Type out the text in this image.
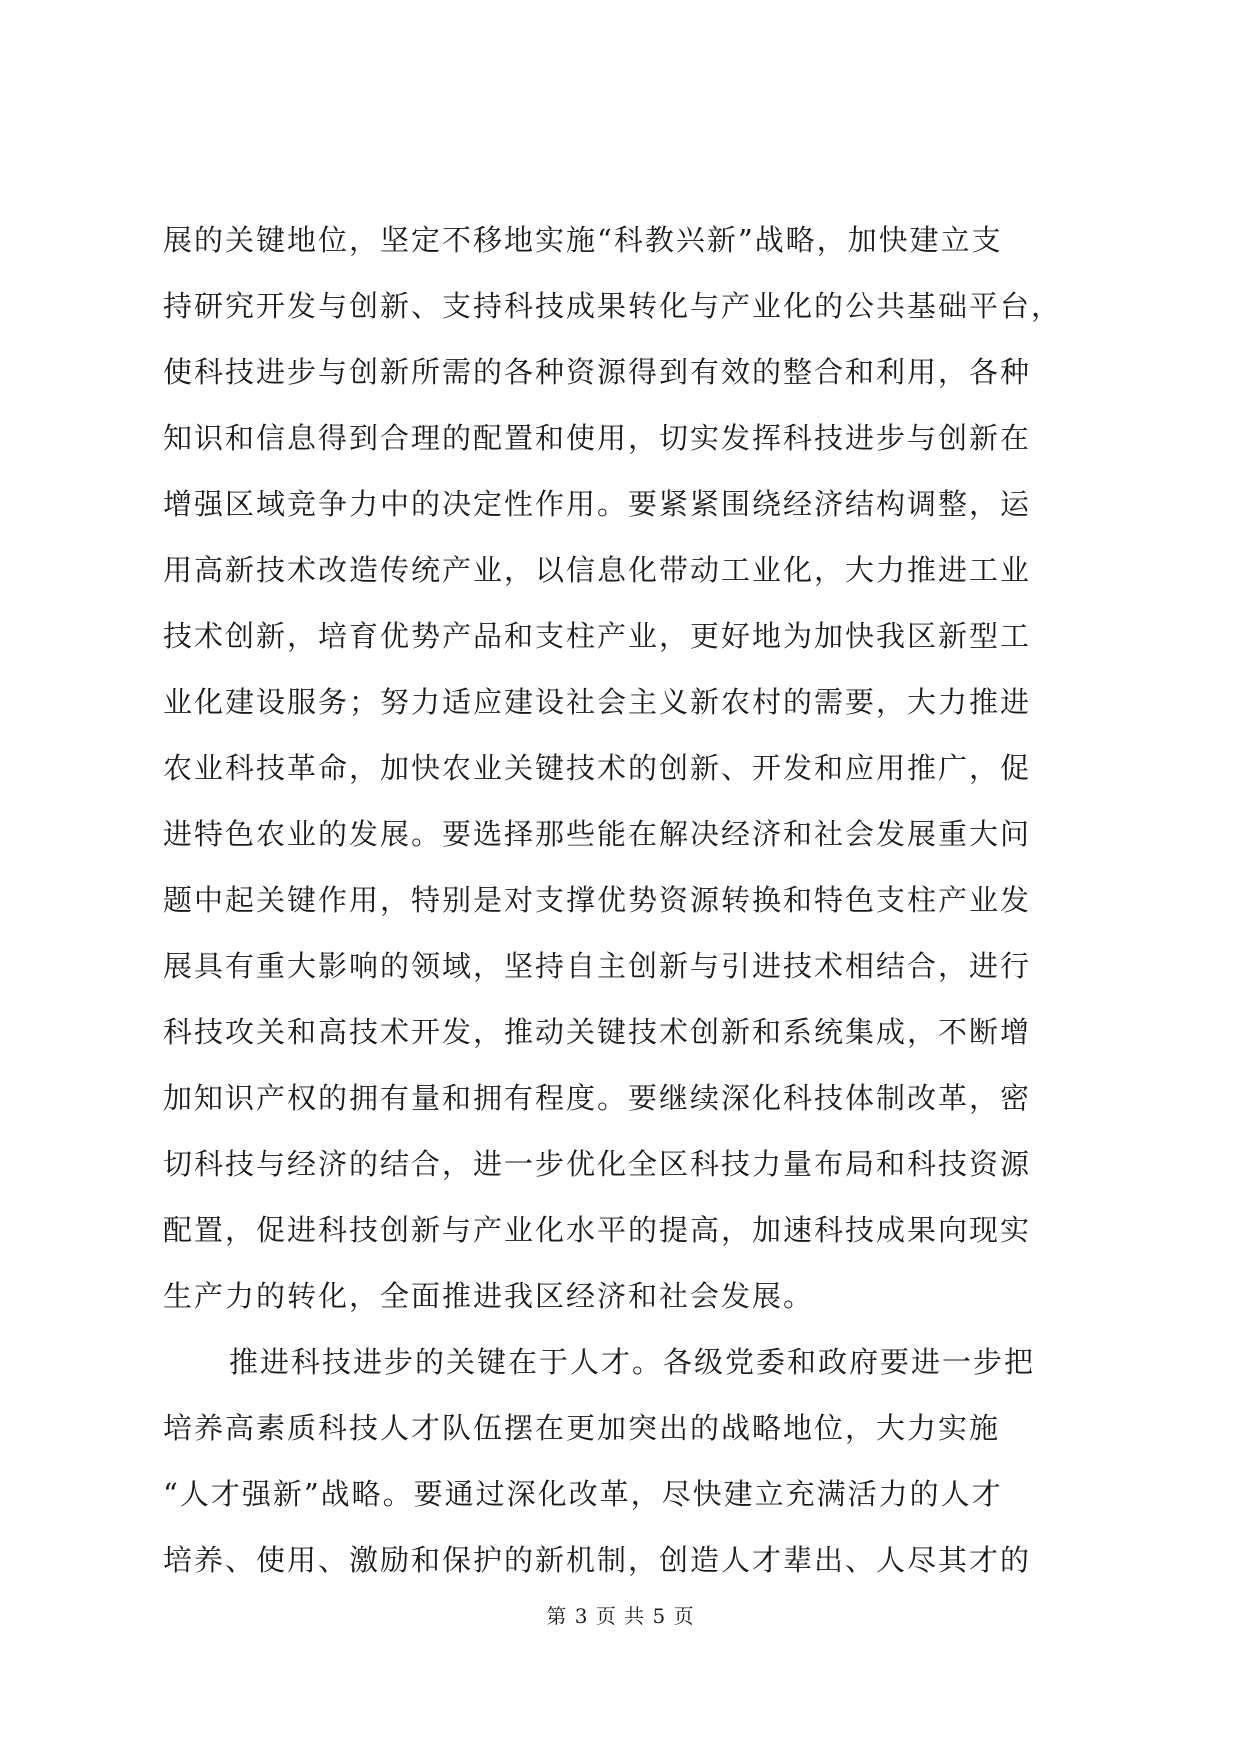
展的关键地位，坚定不移地实施“科教兴新”战略，加快建立支
持研究开发与创新、支持科技成果转化与产业化的公共基础平台，
使科技进步与创新所需的各种资源得到有效的整合和利用，各种
知识和信息得到合理的配置和使用，切实发挥科技进步与创新在
增强区域竞争力中的决定性作用。要紧紧围绕经济结构调整，运
用高新技术改造传统产业，以信息化带动工业化，大力推进工业
技术创新，培育优势产品和支柱产业，更好地为加快我区新型工
业化建设服务；努力适应建设社会主义新农村的需要，大力推进
农业科技革命，加快农业关键技术的创新、开发和应用推广，促
进特色农业的发展。要选择那些能在解决经济和社会发展重大问
题中起关键作用，特别是对支撑优势资源转换和特色支柱产业发
展具有重大影响的领域，坚持自主创新与引进技术相结合，进行
科技攻关和高技术开发，推动关键技术创新和系统集成，不断增
加知识产权的拥有量和拥有程度。要继续深化科技体制改革，密
切科技与经济的结合，进一步优化全区科技力量布局和科技资源
配置，促进科技创新与产业化水平的提高，加速科技成果向现实
生产力的转化，全面推进我区经济和社会发展。
推进科技进步的关键在于人才。各级党委和政府要进一步把
培养高素质科技人才队伍摆在更加突出的战略地位，大力实施
“人才强新”战略。要通过深化改革，尽快建立充满活力的人才
培养、使用、激励和保护的新机制，创造人才辈出、人尽其才的
第 3 页 共 5 页
